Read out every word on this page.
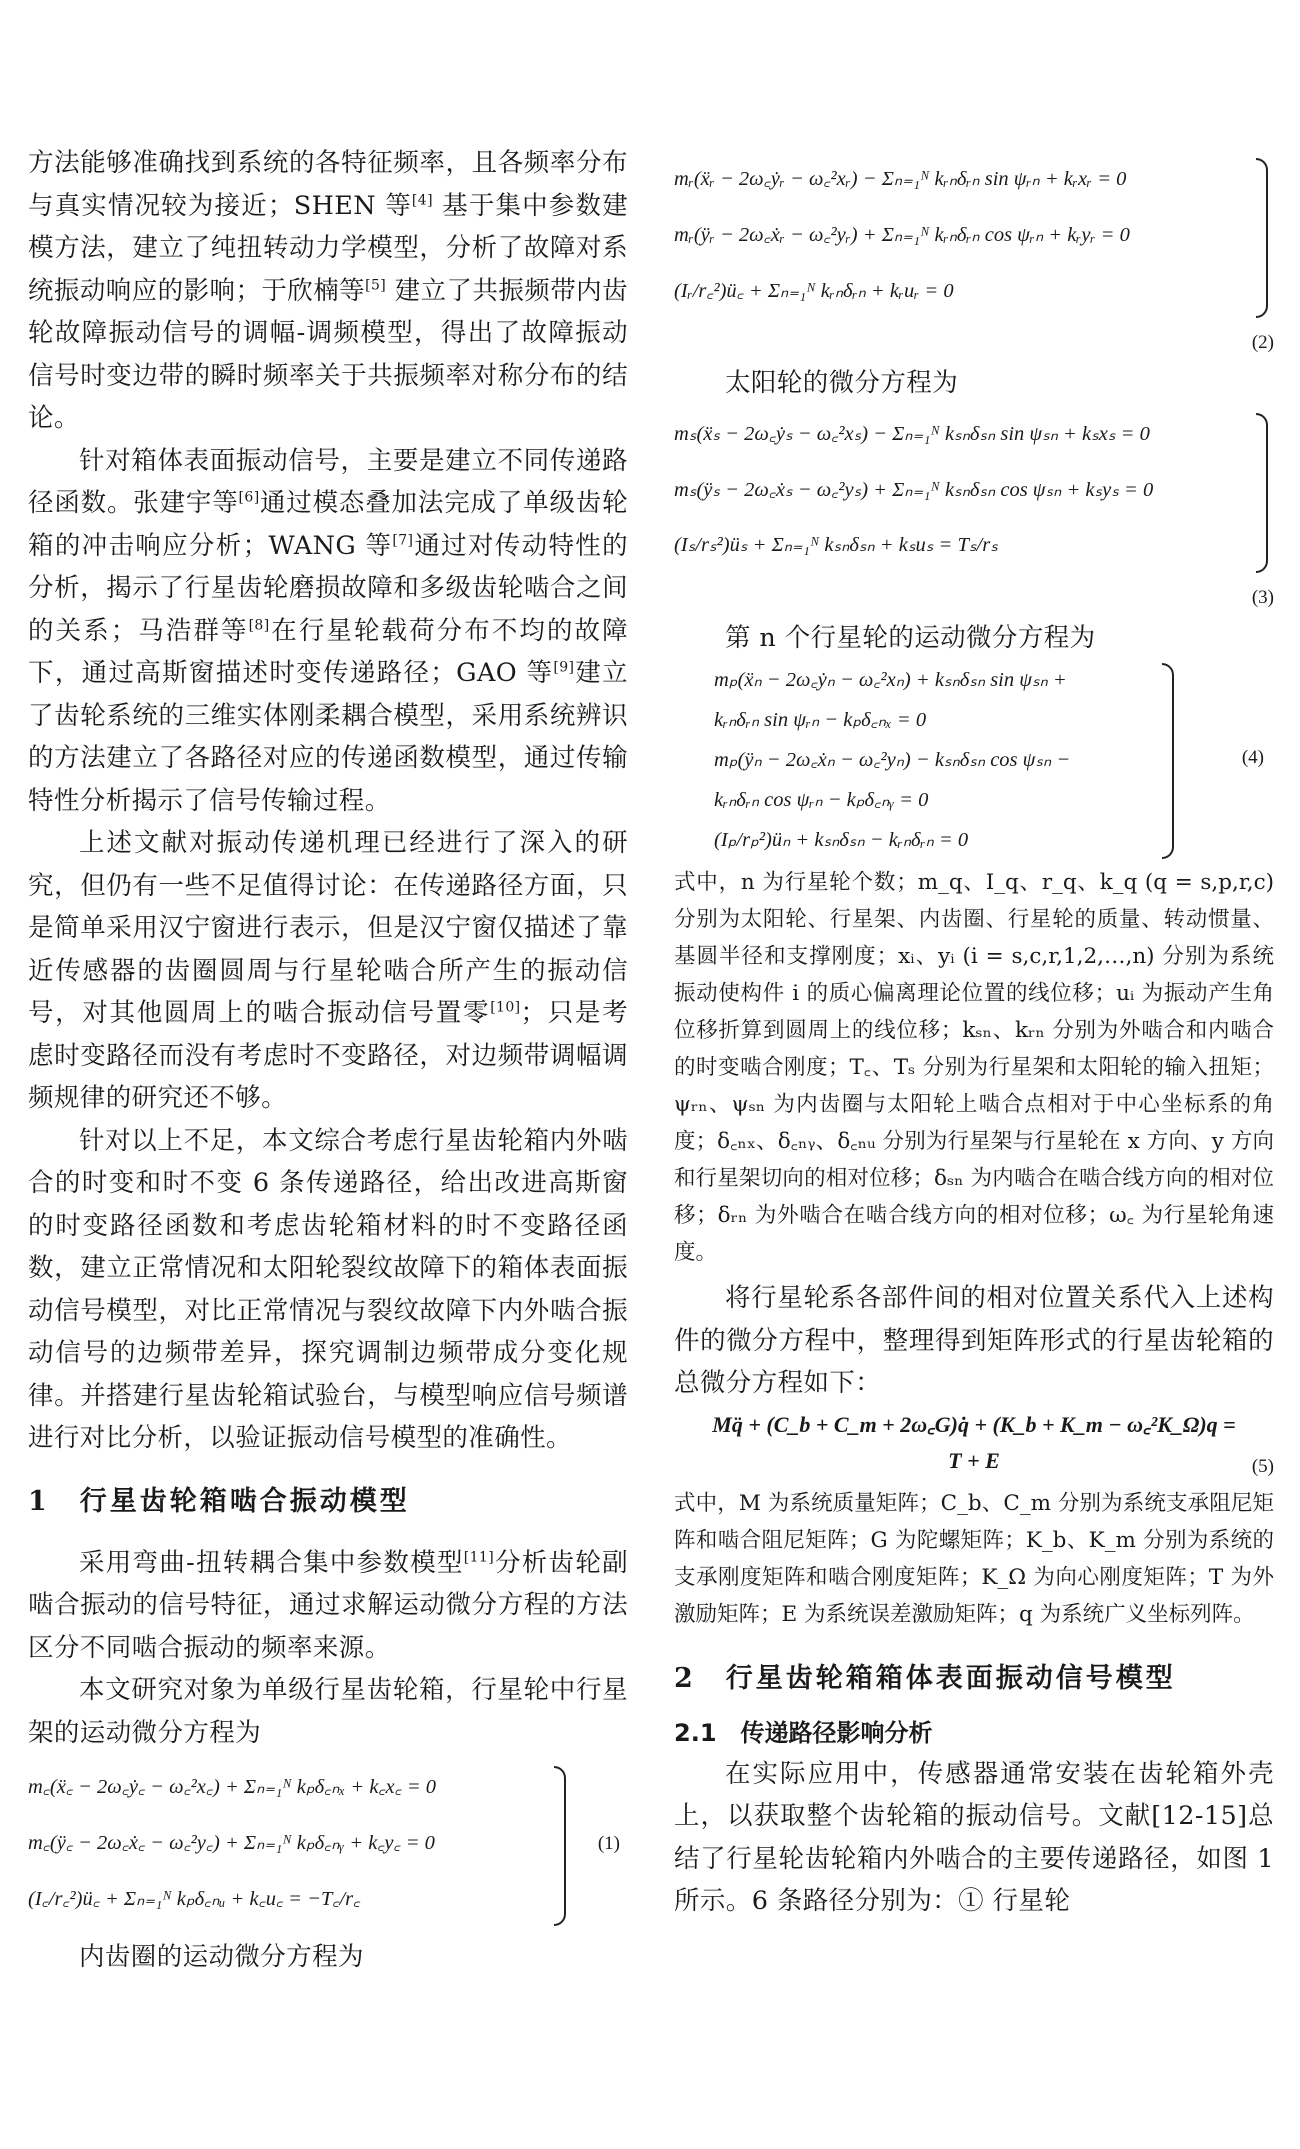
方法能够准确找到系统的各特征频率，且各频率分布与真实情况较为接近；SHEN 等[4] 基于集中参数建模方法，建立了纯扭转动力学模型，分析了故障对系统振动响应的影响；于欣楠等[5] 建立了共振频带内齿轮故障振动信号的调幅-调频模型，得出了故障振动信号时变边带的瞬时频率关于共振频率对称分布的结论。

针对箱体表面振动信号，主要是建立不同传递路径函数。张建宇等[6]通过模态叠加法完成了单级齿轮箱的冲击响应分析；WANG 等[7]通过对传动特性的分析，揭示了行星齿轮磨损故障和多级齿轮啮合之间的关系；马浩群等[8]在行星轮载荷分布不均的故障下，通过高斯窗描述时变传递路径；GAO 等[9]建立了齿轮系统的三维实体刚柔耦合模型，采用系统辨识的方法建立了各路径对应的传递函数模型，通过传输特性分析揭示了信号传输过程。

上述文献对振动传递机理已经进行了深入的研究，但仍有一些不足值得讨论：在传递路径方面，只是简单采用汉宁窗进行表示，但是汉宁窗仅描述了靠近传感器的齿圈圆周与行星轮啮合所产生的振动信号，对其他圆周上的啮合振动信号置零[10]；只是考虑时变路径而没有考虑时不变路径，对边频带调幅调频规律的研究还不够。

针对以上不足，本文综合考虑行星齿轮箱内外啮合的时变和时不变 6 条传递路径，给出改进高斯窗的时变路径函数和考虑齿轮箱材料的时不变路径函数，建立正常情况和太阳轮裂纹故障下的箱体表面振动信号模型，对比正常情况与裂纹故障下内外啮合振动信号的边频带差异，探究调制边频带成分变化规律。并搭建行星齿轮箱试验台，与模型响应信号频谱进行对比分析，以验证振动信号模型的准确性。

1　行星齿轮箱啮合振动模型

采用弯曲-扭转耦合集中参数模型[11]分析齿轮副啮合振动的信号特征，通过求解运动微分方程的方法区分不同啮合振动的频率来源。

本文研究对象为单级行星齿轮箱，行星轮中行星架的运动微分方程为

m꜀(ẍ꜀ − 2ω꜀ẏ꜀ − ω꜀²x꜀) + Σₙ₌₁ᴺ kₚδ꜀ₙₓ + k꜀x꜀ = 0
m꜀(ÿ꜀ − 2ω꜀ẋ꜀ − ω꜀²y꜀) + Σₙ₌₁ᴺ kₚδ꜀ₙᵧ + k꜀y꜀ = 0
(I꜀/r꜀²)ü꜀ + Σₙ₌₁ᴺ kₚδ꜀ₙᵤ + k꜀u꜀ = −T꜀/r꜀
(1)

内齿圈的运动微分方程为

mᵣ(ẍᵣ − 2ω꜀ẏᵣ − ω꜀²xᵣ) − Σₙ₌₁ᴺ kᵣₙδᵣₙ sin ψᵣₙ + kᵣxᵣ = 0
mᵣ(ÿᵣ − 2ω꜀ẋᵣ − ω꜀²yᵣ) + Σₙ₌₁ᴺ kᵣₙδᵣₙ cos ψᵣₙ + kᵣyᵣ = 0
(Iᵣ/r꜀²)ü꜀ + Σₙ₌₁ᴺ kᵣₙδᵣₙ + kᵣuᵣ = 0
(2)

太阳轮的微分方程为

mₛ(ẍₛ − 2ω꜀ẏₛ − ω꜀²xₛ) − Σₙ₌₁ᴺ kₛₙδₛₙ sin ψₛₙ + kₛxₛ = 0
mₛ(ÿₛ − 2ω꜀ẋₛ − ω꜀²yₛ) + Σₙ₌₁ᴺ kₛₙδₛₙ cos ψₛₙ + kₛyₛ = 0
(Iₛ/rₛ²)üₛ + Σₙ₌₁ᴺ kₛₙδₛₙ + kₛuₛ = Tₛ/rₛ
(3)

第 n 个行星轮的运动微分方程为

mₚ(ẍₙ − 2ω꜀ẏₙ − ω꜀²xₙ) + kₛₙδₛₙ sin ψₛₙ +
kᵣₙδᵣₙ sin ψᵣₙ − kₚδ꜀ₙₓ = 0
mₚ(ÿₙ − 2ω꜀ẋₙ − ω꜀²yₙ) − kₛₙδₛₙ cos ψₛₙ −
kᵣₙδᵣₙ cos ψᵣₙ − kₚδ꜀ₙᵧ = 0
(Iₚ/rₚ²)üₙ + kₛₙδₛₙ − kᵣₙδᵣₙ = 0
(4)

式中，n 为行星轮个数；m_q、I_q、r_q、k_q (q = s,p,r,c) 分别为太阳轮、行星架、内齿圈、行星轮的质量、转动惯量、基圆半径和支撑刚度；xᵢ、yᵢ (i = s,c,r,1,2,…,n) 分别为系统振动使构件 i 的质心偏离理论位置的线位移；uᵢ 为振动产生角位移折算到圆周上的线位移；kₛₙ、kᵣₙ 分别为外啮合和内啮合的时变啮合刚度；T꜀、Tₛ 分别为行星架和太阳轮的输入扭矩；ψᵣₙ、ψₛₙ 为内齿圈与太阳轮上啮合点相对于中心坐标系的角度；δ꜀ₙₓ、δ꜀ₙᵧ、δ꜀ₙᵤ 分别为行星架与行星轮在 x 方向、y 方向和行星架切向的相对位移；δₛₙ 为内啮合在啮合线方向的相对位移；δᵣₙ 为外啮合在啮合线方向的相对位移；ω꜀ 为行星轮角速度。

将行星轮系各部件间的相对位置关系代入上述构件的微分方程中，整理得到矩阵形式的行星齿轮箱的总微分方程如下：

Mq̈ + (C_b + C_m + 2ω꜀G)q̇ + (K_b + K_m − ω꜀²K_Ω)q =
T + E	(5)

式中，M 为系统质量矩阵；C_b、C_m 分别为系统支承阻尼矩阵和啮合阻尼矩阵；G 为陀螺矩阵；K_b、K_m 分别为系统的支承刚度矩阵和啮合刚度矩阵；K_Ω 为向心刚度矩阵；T 为外激励矩阵；E 为系统误差激励矩阵；q 为系统广义坐标列阵。

2　行星齿轮箱箱体表面振动信号模型
2.1　传递路径影响分析

在实际应用中，传感器通常安装在齿轮箱外壳上，以获取整个齿轮箱的振动信号。文献[12-15]总结了行星轮齿轮箱内外啮合的主要传递路径，如图 1 所示。6 条路径分别为：① 行星轮
